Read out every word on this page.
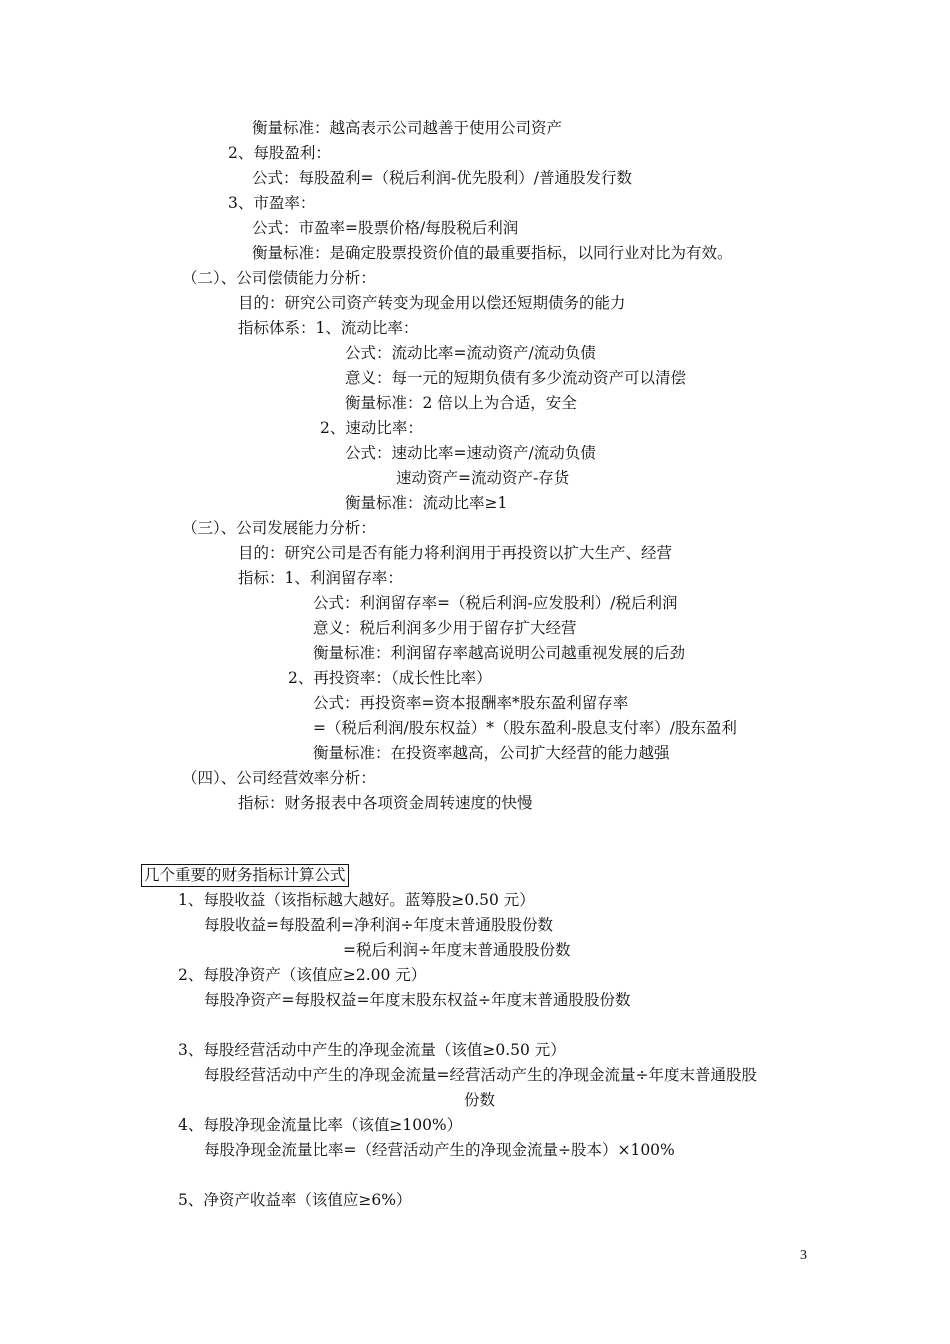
衡量标准：越高表示公司越善于使用公司资产
2、每股盈利：
公式：每股盈利=（税后利润-优先股利）/普通股发行数
3、市盈率：
公式：市盈率=股票价格/每股税后利润
衡量标准：是确定股票投资价值的最重要指标，以同行业对比为有效。
（二）、公司偿债能力分析：
目的：研究公司资产转变为现金用以偿还短期债务的能力
指标体系：1、流动比率：
公式：流动比率=流动资产/流动负债
意义：每一元的短期负债有多少流动资产可以清偿
衡量标准：2 倍以上为合适，安全
2、速动比率：
公式：速动比率=速动资产/流动负债
速动资产=流动资产-存货
衡量标准：流动比率≥1
（三）、公司发展能力分析：
目的：研究公司是否有能力将利润用于再投资以扩大生产、经营
指标：1、利润留存率：
公式：利润留存率=（税后利润-应发股利）/税后利润
意义：税后利润多少用于留存扩大经营
衡量标准：利润留存率越高说明公司越重视发展的后劲
2、再投资率：（成长性比率）
公式：再投资率=资本报酬率*股东盈利留存率
=（税后利润/股东权益）*（股东盈利-股息支付率）/股东盈利
衡量标准：在投资率越高，公司扩大经营的能力越强
（四）、公司经营效率分析：
指标：财务报表中各项资金周转速度的快慢
几个重要的财务指标计算公式
1、每股收益（该指标越大越好。蓝筹股≥0.50 元）
每股收益=每股盈利=净利润÷年度末普通股股份数
=税后利润÷年度末普通股股份数
2、每股净资产（该值应≥2.00 元）
每股净资产=每股权益=年度末股东权益÷年度末普通股股份数
3、每股经营活动中产生的净现金流量（该值≥0.50 元）
每股经营活动中产生的净现金流量=经营活动产生的净现金流量÷年度末普通股股
份数
4、每股净现金流量比率（该值≥100%）
每股净现金流量比率=（经营活动产生的净现金流量÷股本）×100%
5、净资产收益率（该值应≥6%）
3
